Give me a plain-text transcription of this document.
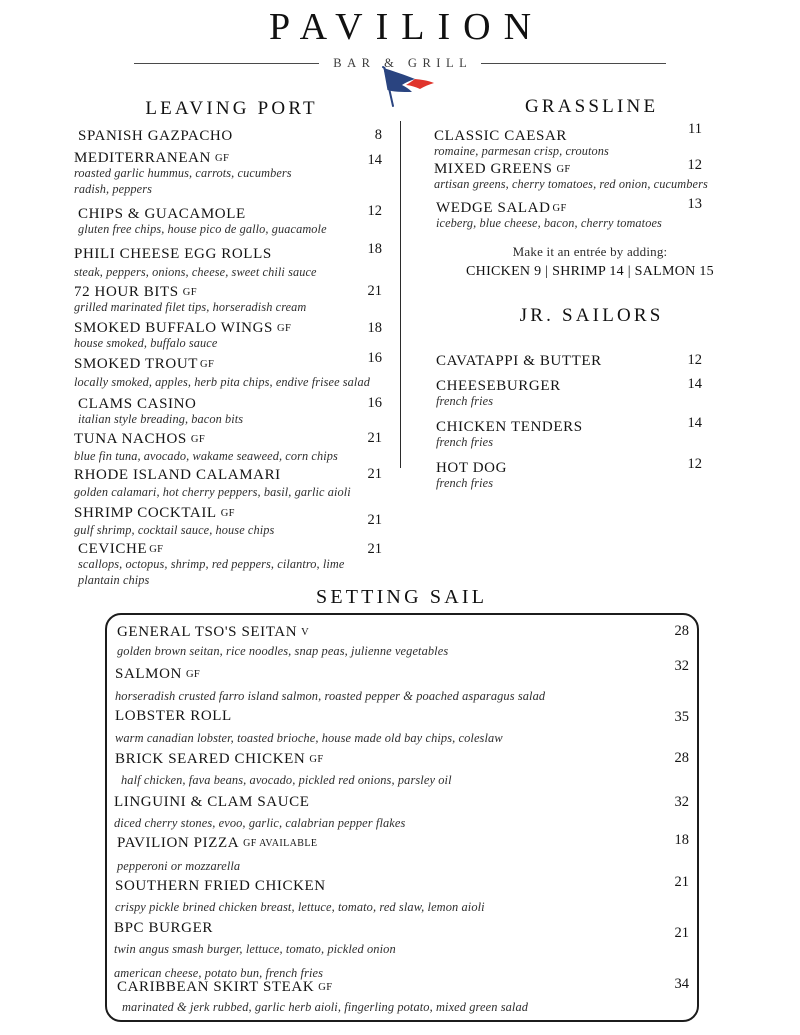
PAVILION
BAR & GRILL
LEAVING PORT
SPANISH GAZPACHO	8
MEDITERRANEAN GF
roasted garlic hummus, carrots, cucumbers
radish, peppers
14
CHIPS & GUACAMOLE
gluten free chips, house pico de gallo, guacamole
12
PHILI CHEESE EGG ROLLS
steak, peppers, onions, cheese, sweet chili sauce
18
72 HOUR BITS GF
grilled marinated filet tips, horseradish cream
21
SMOKED BUFFALO WINGS GF
house smoked, buffalo sauce
18
SMOKED TROUT GF
locally smoked, apples, herb pita chips, endive frisee salad
16
CLAMS CASINO
italian style breading, bacon bits
16
TUNA NACHOS GF
blue fin tuna, avocado, wakame seaweed, corn chips
21
RHODE ISLAND CALAMARI
golden calamari, hot cherry peppers, basil, garlic aioli
21
SHRIMP COCKTAIL GF
gulf shrimp, cocktail sauce, house chips
21
CEVICHE GF
scallops, octopus, shrimp, red peppers, cilantro, lime
plantain chips
21
GRASSLINE
CLASSIC CAESAR
romaine, parmesan crisp, croutons
11
MIXED GREENS GF
artisan greens, cherry tomatoes, red onion, cucumbers
12
WEDGE SALAD GF
iceberg, blue cheese, bacon, cherry tomatoes
13
Make it an entrée by adding:
CHICKEN 9 | SHRIMP 14 | SALMON 15
JR. SAILORS
CAVATAPPI & BUTTER	12
CHEESEBURGER
french fries
14
CHICKEN TENDERS
french fries
14
HOT DOG
french fries
12
SETTING SAIL
GENERAL TSO'S SEITAN V
golden brown seitan, rice noodles, snap peas, julienne vegetables
28
SALMON GF
horseradish crusted farro island salmon, roasted pepper & poached asparagus salad
32
LOBSTER ROLL
warm canadian lobster, toasted brioche, house made old bay chips, coleslaw
35
BRICK SEARED CHICKEN GF
half chicken, fava beans, avocado, pickled red onions, parsley oil
28
LINGUINI & CLAM SAUCE
diced cherry stones, evoo, garlic, calabrian pepper flakes
32
PAVILION PIZZA GF AVAILABLE
pepperoni or mozzarella
18
SOUTHERN FRIED CHICKEN
crispy pickle brined chicken breast, lettuce, tomato, red slaw, lemon aioli
21
BPC BURGER
twin angus smash burger, lettuce, tomato, pickled onion
american cheese, potato bun, french fries
21
CARIBBEAN SKIRT STEAK GF
marinated & jerk rubbed, garlic herb aioli, fingerling potato, mixed green salad
34
